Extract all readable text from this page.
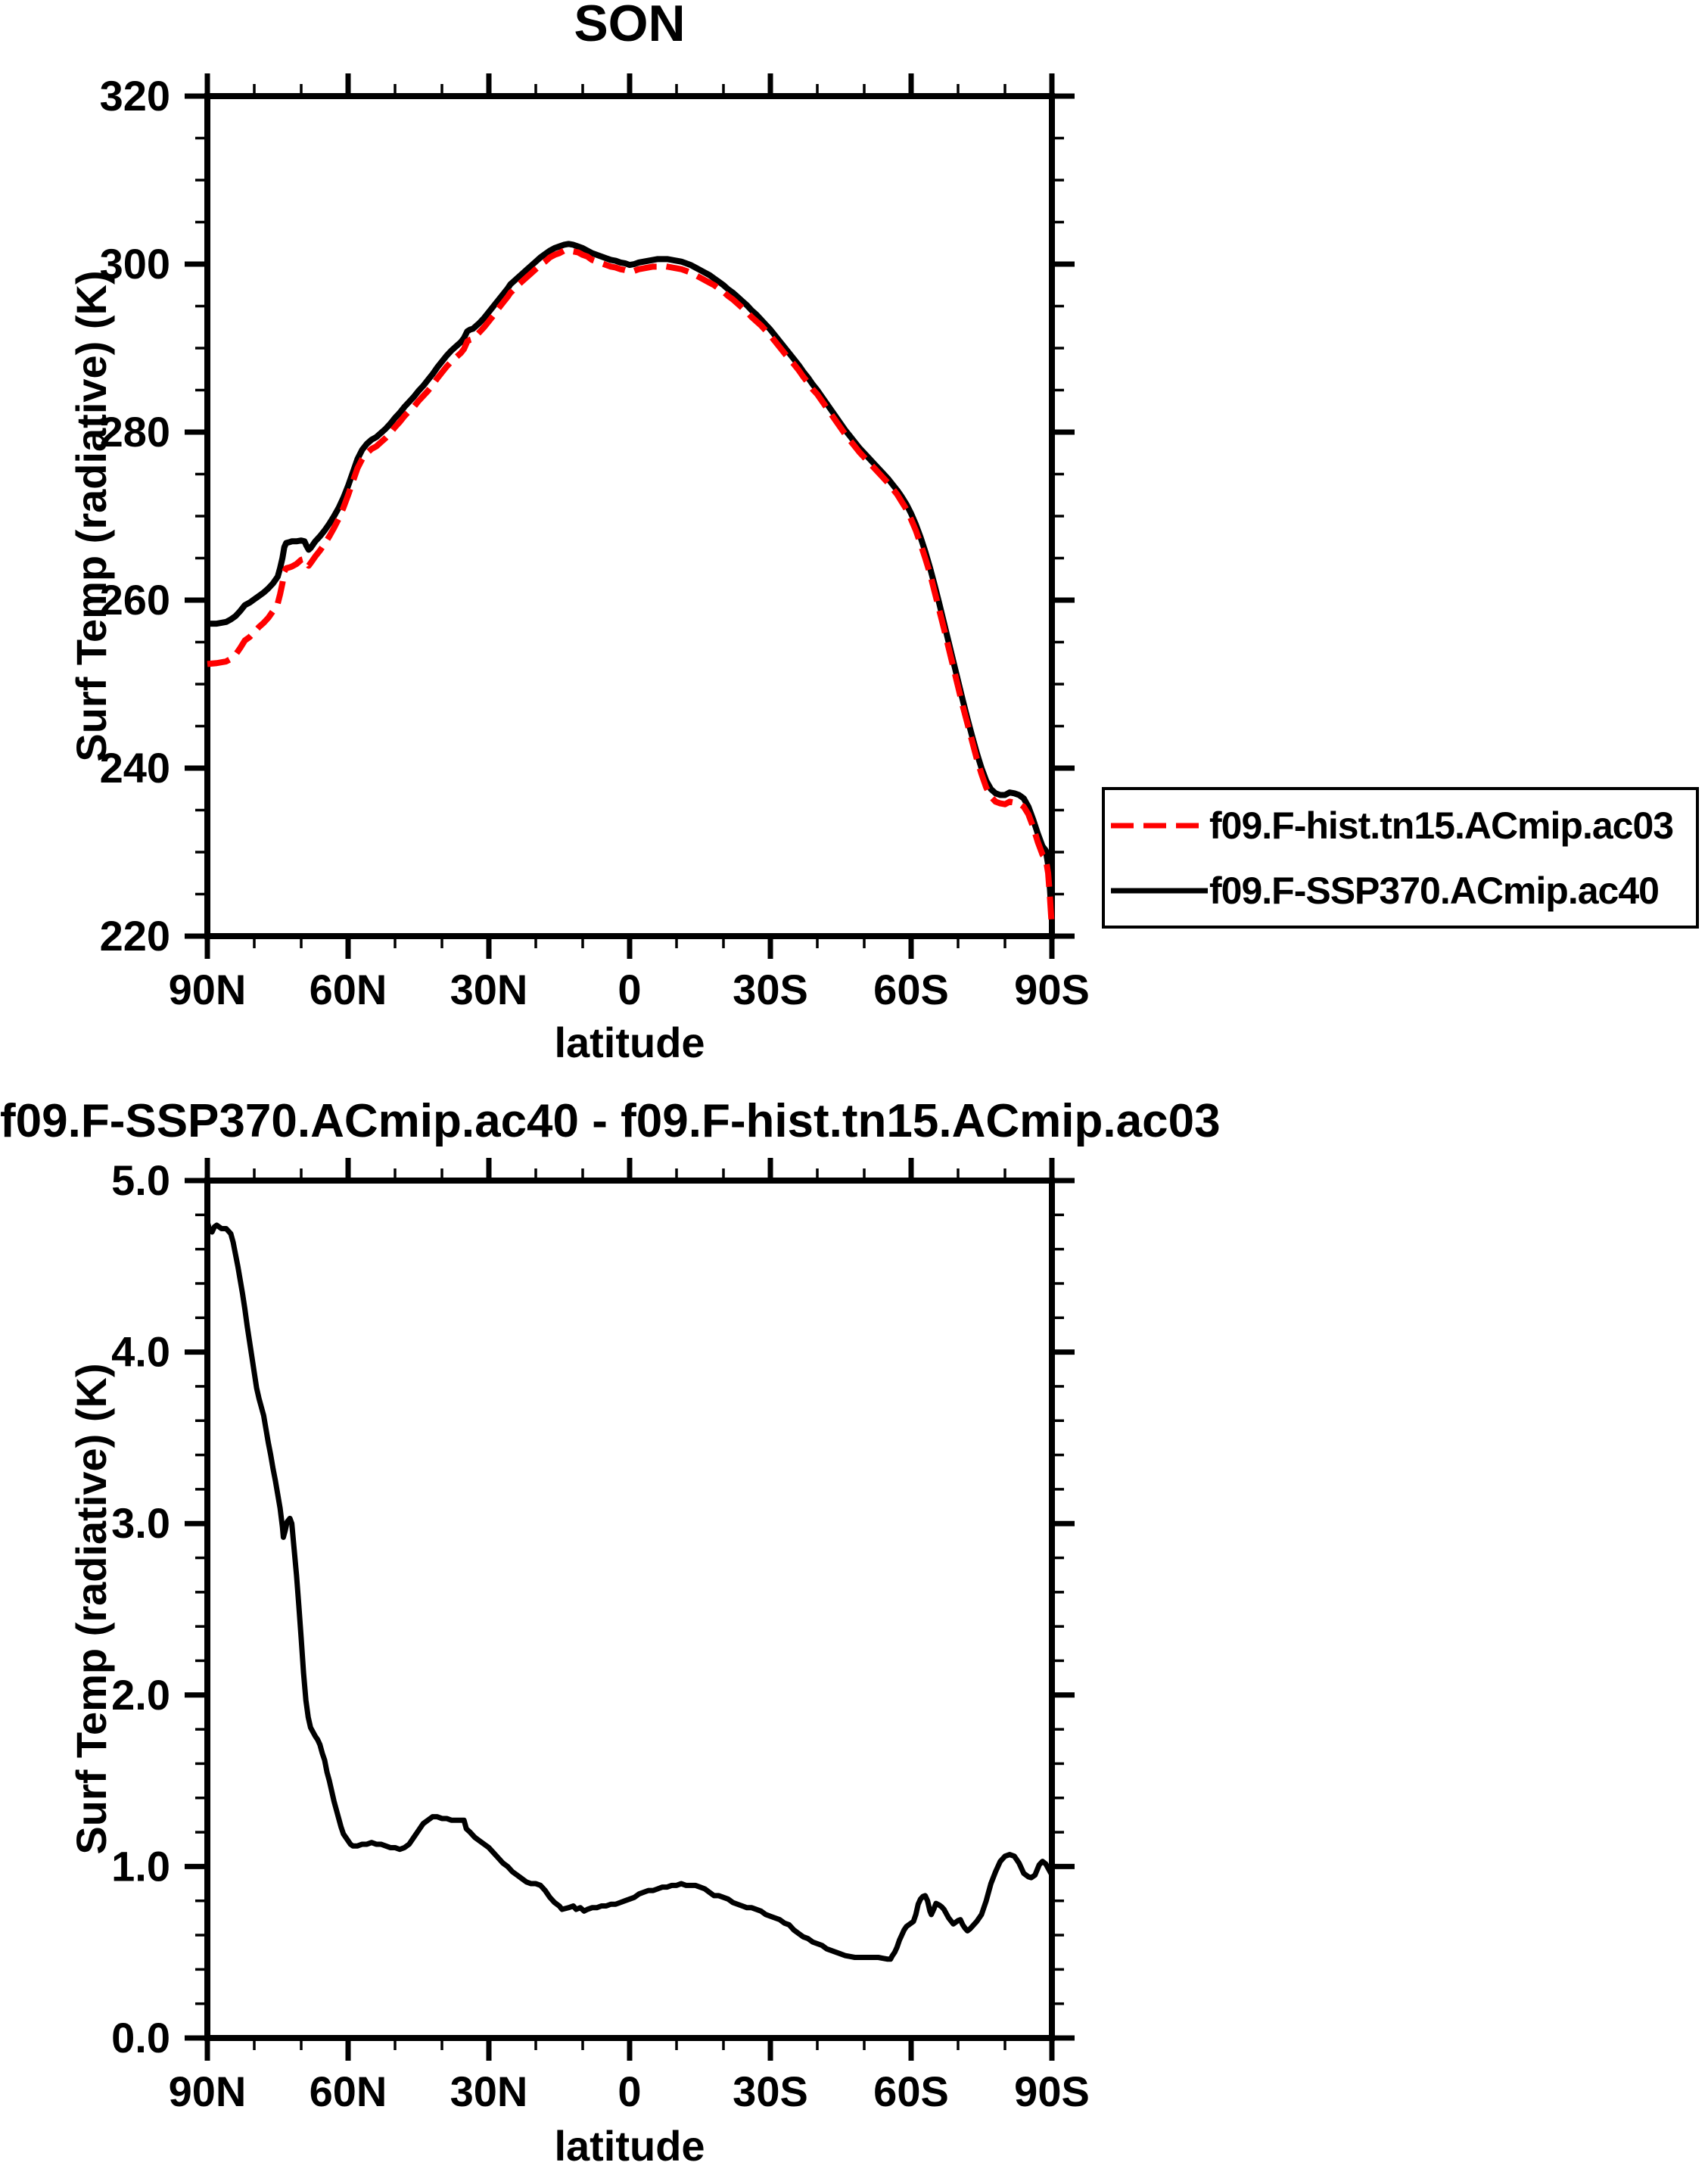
220
240
260
280
300
320
90N 60N 30N 0 30S 60S 90S
0.0
1.0
2.0
3.0
4.0
5.0
90N 60N 30N 0 30S 60S 90S
SON
Surf Temp (radiative) (K)
latitude
f09.F-hist.tn15.ACmip.ac03
f09.F-SSP370.ACmip.ac40
f09.F-SSP370.ACmip.ac40 - f09.F-hist.tn15.ACmip.ac03
Surf Temp (radiative) (K)
latitude
